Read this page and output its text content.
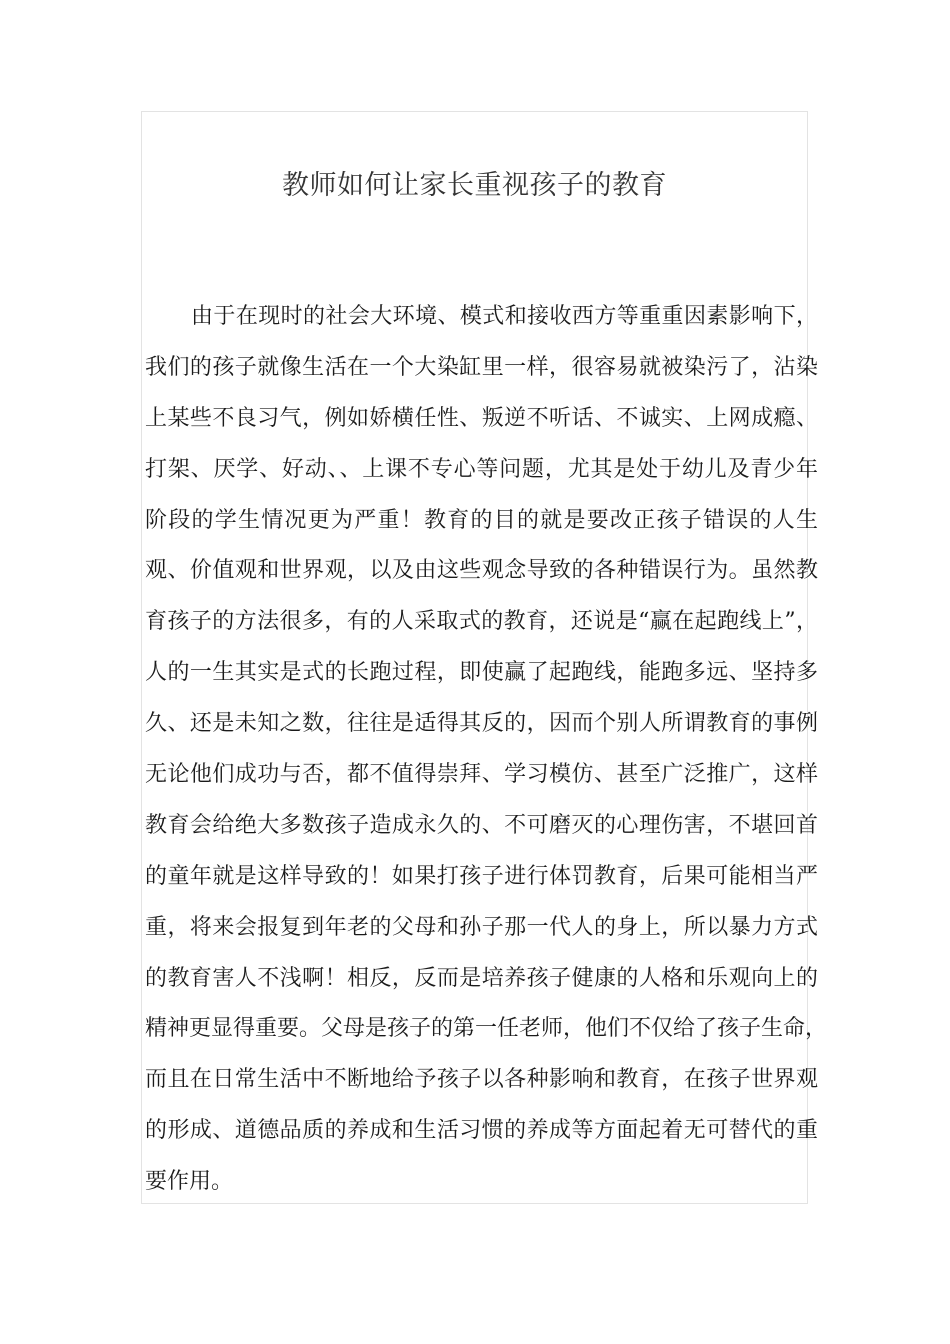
教师如何让家长重视孩子的教育
由于在现时的社会大环境、模式和接收西方等重重因素影响下，
我们的孩子就像生活在一个大染缸里一样，很容易就被染污了，沾染
上某些不良习气，例如娇横任性、叛逆不听话、不诚实、上网成瘾、
打架、厌学、好动、、上课不专心等问题，尤其是处于幼儿及青少年
阶段的学生情况更为严重！教育的目的就是要改正孩子错误的人生
观、价值观和世界观，以及由这些观念导致的各种错误行为。虽然教
育孩子的方法很多，有的人采取式的教育，还说是“赢在起跑线上”，
人的一生其实是式的长跑过程，即使赢了起跑线，能跑多远、坚持多
久、还是未知之数，往往是适得其反的，因而个别人所谓教育的事例
无论他们成功与否，都不值得崇拜、学习模仿、甚至广泛推广，这样
教育会给绝大多数孩子造成永久的、不可磨灭的心理伤害，不堪回首
的童年就是这样导致的！如果打孩子进行体罚教育，后果可能相当严
重，将来会报复到年老的父母和孙子那一代人的身上，所以暴力方式
的教育害人不浅啊！相反，反而是培养孩子健康的人格和乐观向上的
精神更显得重要。父母是孩子的第一任老师，他们不仅给了孩子生命，
而且在日常生活中不断地给予孩子以各种影响和教育，在孩子世界观
的形成、道德品质的养成和生活习惯的养成等方面起着无可替代的重
要作用。
